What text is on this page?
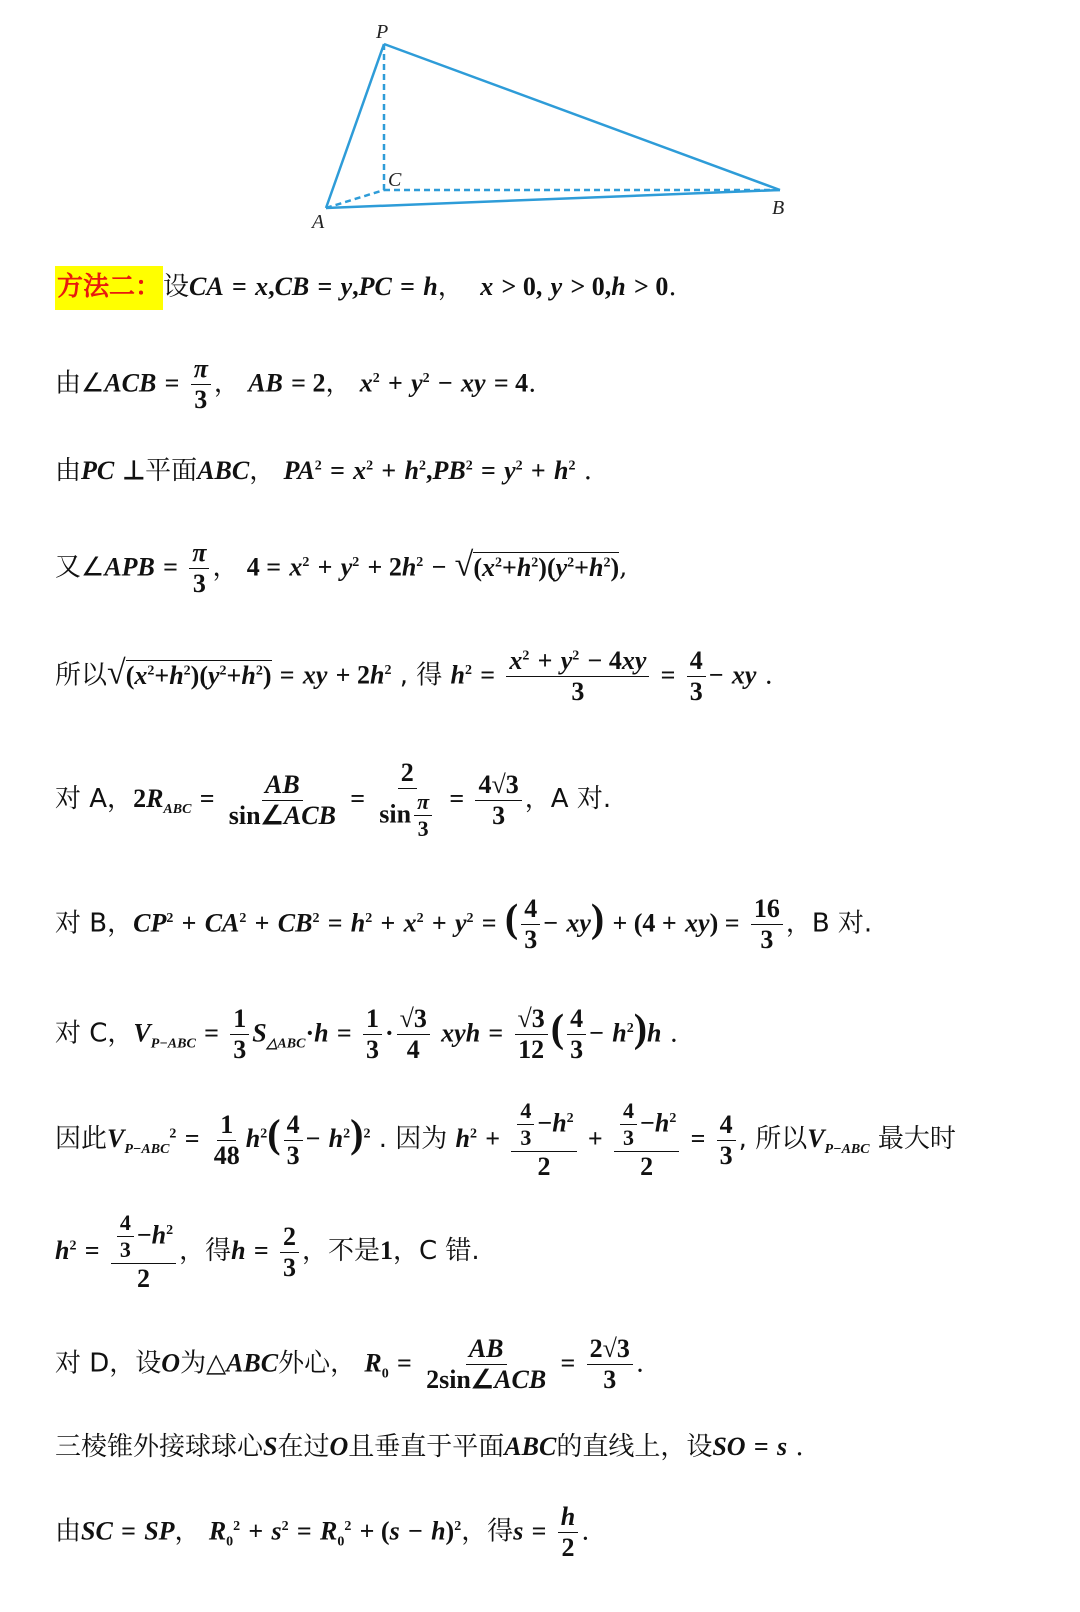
P
C
A
B
方法二：设CA = x,CB = y,PC = h， x > 0, y > 0,h > 0.
由∠ACB = $\frac{\pi}{3}$ ， AB = 2， $x^2 + y^2$ − xy = 4.
由PC ⊥平面ABC， $PA^2 = x^2 + h^2,PB^2 = y^2 + h^2$ .
又∠APB = $\frac{\pi}{3}$ ， $4 = x^2 + y^2 + 2h^2 - √(x^2+h^2)(y^2+h^2)$,
所以$√(x^2+h^2)(y^2+h^2)$ = xy + $2h^2$ , 得 $h^2 = \frac{x^2 + y^2 - 4xy}{3} = \frac{4}{3}$ − xy .
对 A，$2R_{ABC} = \frac{AB}{\text{sin∠ACB}} = \frac{2}{\sin \frac{\pi}{3}} = \frac{4√3}{3}$ ，A 对.
对 B，$CP^2 + CA^2 + CB^2 = h^2 + x^2 + y^2$ = ( $\frac{4}{3} - xy) + (4 + xy) = \frac{16}{3}$ ，B 对.
对 C，$V_{P-ABC} = \frac{1}{3} S_{\triangle ABC}\cdot h = \frac{1}{3} \cdot \frac{√3}{4}$ xyh = $\frac{√3}{12}$ ( $\frac{4}{3} - h^2)h$ .
因此$V_{P-ABC}^2 = \frac{1}{48} h^2( \frac{4}{3} - h^2)^2$ . 因为 $h^2 + \frac{\frac{4}{3} -h^2}{2} + \frac{\frac{4}{3} -h^2}{2} = \frac{4}{3}$ , 所以$V_{P-ABC}$ 最大时
$h^2 = \frac{\frac{4}{3} -h^2}{2}$ ，得$h = \frac{2}{3}$ ，不是1，C 错.
对 D，设O为△ABC外心， $R_0 = \frac{AB}{\text{2sin∠ACB}} = \frac{2√3}{3}$ .
三棱锥外接球球心S在过O且垂直于平面ABC的直线上，设SO = s .
由SC = SP， $R_0^2 + s^2 = R_0^2 + (s - h)^2$，得$s = \frac{h}{2}$ .
